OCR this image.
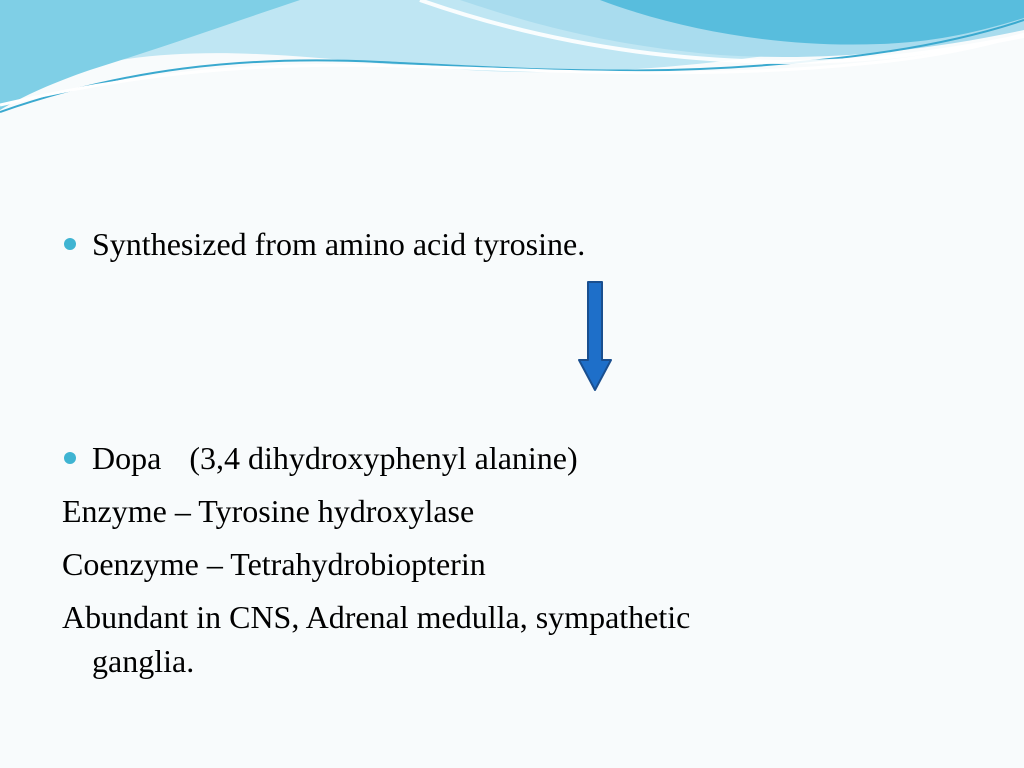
Synthesized from amino acid tyrosine.
Dopa (3,4 dihydroxyphenyl alanine)
Enzyme – Tyrosine hydroxylase
Coenzyme – Tetrahydrobiopterin
Abundant in CNS, Adrenal medulla, sympathetic
ganglia.
